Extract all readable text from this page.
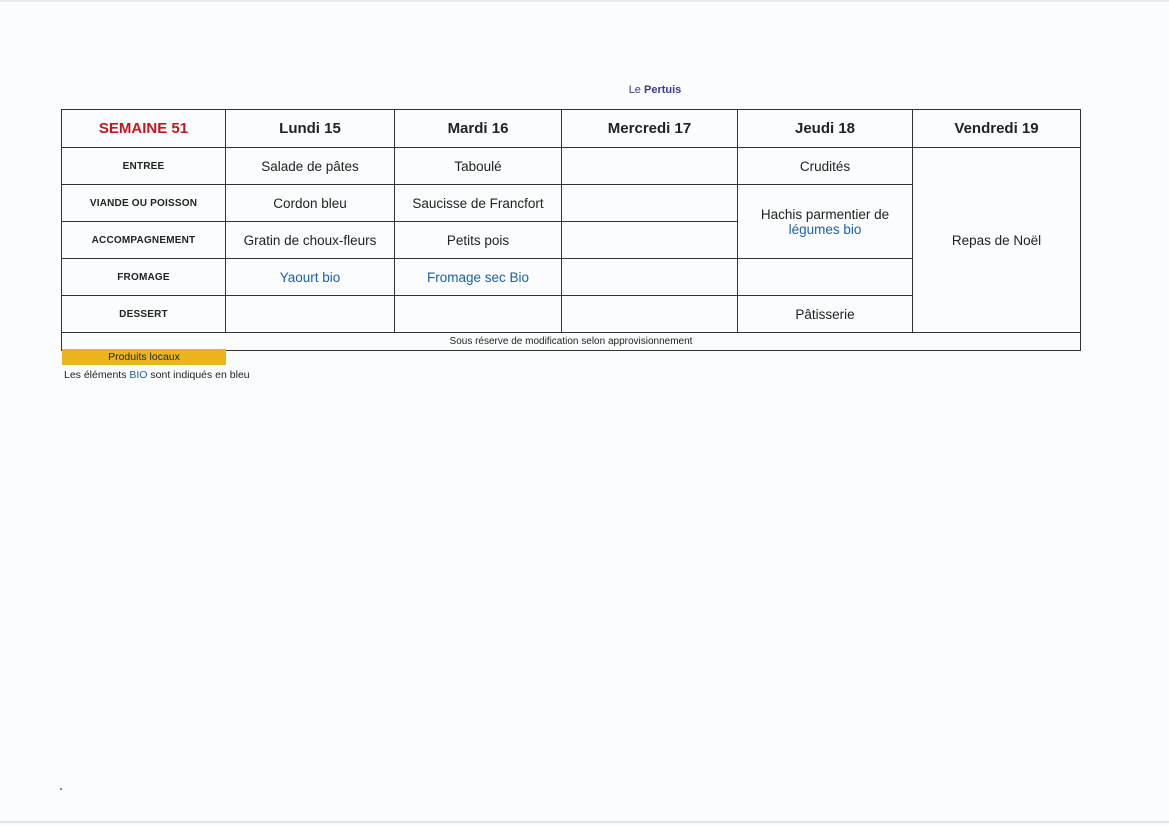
Le Pertuis
SEMAINE 51	Lundi 15	Mardi 16	Mercredi 17	Jeudi 18	Vendredi 19
ENTREE	Salade de pâtes	Taboulé		Crudités	Repas de Noël
VIANDE OU POISSON	Cordon bleu	Saucisse de Francfort		Hachis parmentier de
légumes bio	

ACCOMPAGNEMENT	Gratin de choux-fleurs	Petits pois			
FROMAGE	Yaourt bio	Fromage sec Bio			
DESSERT				Pâtisserie	
Sous réserve de modification selon approvisionnement					
Produits locaux
Les éléments BIO sont indiqués en bleu
